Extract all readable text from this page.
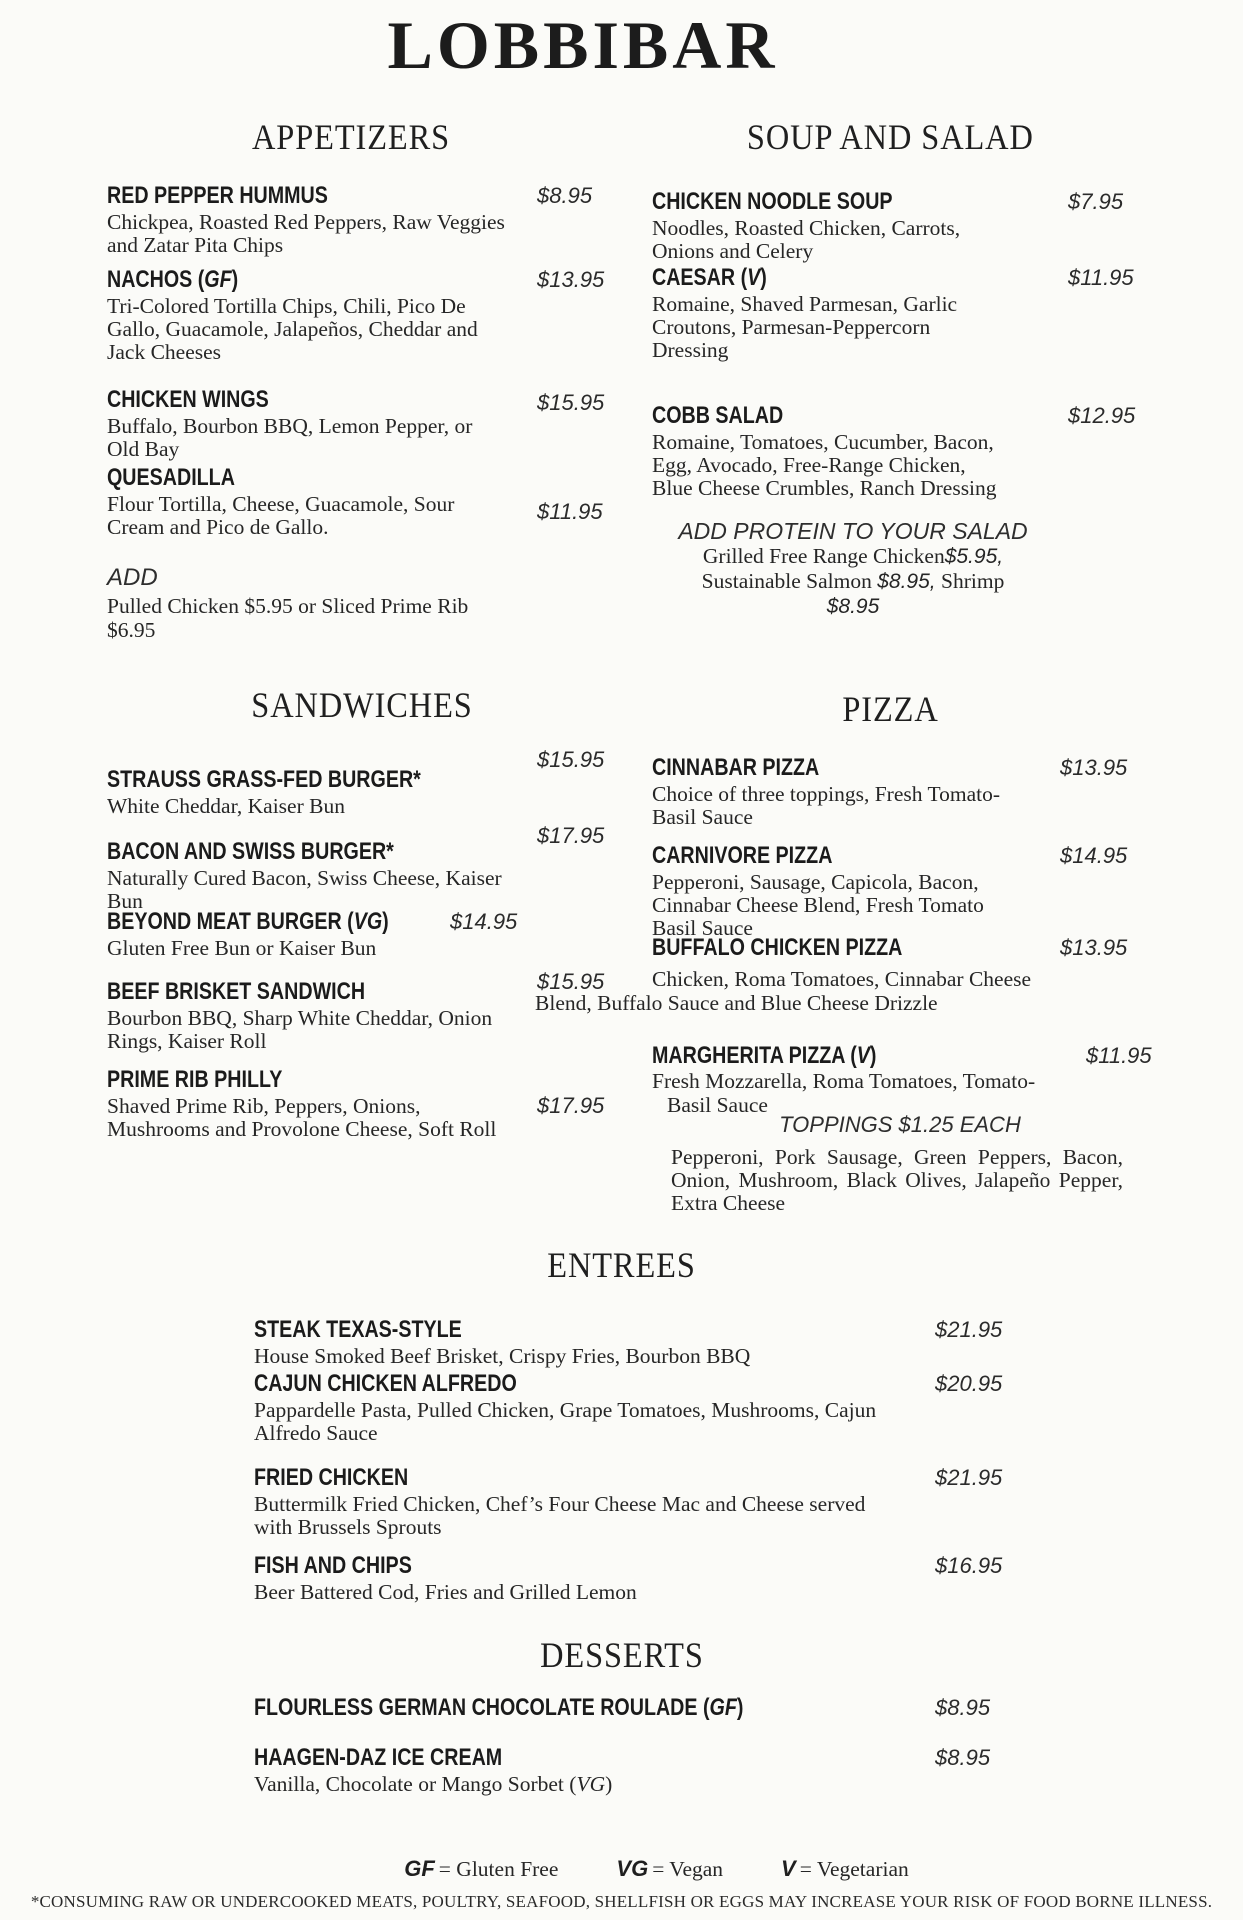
LOBBIBAR
APPETIZERS
RED PEPPER HUMMUS
Chickpea, Roasted Red Peppers, Raw Veggies and Zatar Pita Chips
$8.95
NACHOS (GF)
Tri-Colored Tortilla Chips, Chili, Pico De Gallo, Guacamole, Jalapeños, Cheddar and Jack Cheeses
$13.95
CHICKEN WINGS
Buffalo, Bourbon BBQ, Lemon Pepper, or Old Bay
$15.95
QUESADILLA
Flour Tortilla, Cheese, Guacamole, Sour Cream and Pico de Gallo.
$11.95
ADD
Pulled Chicken $5.95 or Sliced Prime Rib $6.95
SOUP AND SALAD
CHICKEN NOODLE SOUP
Noodles, Roasted Chicken, Carrots, Onions and Celery
$7.95
CAESAR (V)
Romaine, Shaved Parmesan, Garlic Croutons, Parmesan-Peppercorn Dressing
$11.95
COBB SALAD
Romaine, Tomatoes, Cucumber, Bacon, Egg, Avocado, Free-Range Chicken, Blue Cheese Crumbles, Ranch Dressing
$12.95
ADD PROTEIN TO YOUR SALAD
Grilled Free Range Chicken$5.95,
Sustainable Salmon $8.95, Shrimp
$8.95
SANDWICHES
STRAUSS GRASS-FED BURGER*
White Cheddar, Kaiser Bun
$15.95
BACON AND SWISS BURGER*
Naturally Cured Bacon, Swiss Cheese, Kaiser Bun
$17.95
BEYOND MEAT BURGER (VG)
Gluten Free Bun or Kaiser Bun
$14.95
BEEF BRISKET SANDWICH
Bourbon BBQ, Sharp White Cheddar, Onion Rings, Kaiser Roll
$15.95
PRIME RIB PHILLY
Shaved Prime Rib, Peppers, Onions, Mushrooms and Provolone Cheese, Soft Roll
$17.95
PIZZA
CINNABAR PIZZA
Choice of three toppings, Fresh Tomato-Basil Sauce
$13.95
CARNIVORE PIZZA
Pepperoni, Sausage, Capicola, Bacon, Cinnabar Cheese Blend, Fresh Tomato Basil Sauce
$14.95
BUFFALO CHICKEN PIZZA
Chicken, Roma Tomatoes, Cinnabar Cheese
Blend, Buffalo Sauce and Blue Cheese Drizzle
$13.95
MARGHERITA PIZZA (V)
Fresh Mozzarella, Roma Tomatoes, Tomato-
Basil Sauce
$11.95
TOPPINGS $1.25 EACH
Pepperoni, Pork Sausage, Green Peppers, Bacon, Onion, Mushroom, Black Olives, Jalapeño Pepper, Extra Cheese
ENTREES
STEAK TEXAS-STYLE
House Smoked Beef Brisket, Crispy Fries, Bourbon BBQ
$21.95
CAJUN CHICKEN ALFREDO
Pappardelle Pasta, Pulled Chicken, Grape Tomatoes, Mushrooms, Cajun Alfredo Sauce
$20.95
FRIED CHICKEN
Buttermilk Fried Chicken, Chef’s Four Cheese Mac and Cheese served with Brussels Sprouts
$21.95
FISH AND CHIPS
Beer Battered Cod, Fries and Grilled Lemon
$16.95
DESSERTS
FLOURLESS GERMAN CHOCOLATE ROULADE (GF)	$8.95
HAAGEN-DAZ ICE CREAM
Vanilla, Chocolate or Mango Sorbet (VG)
$8.95
GF = Gluten Free	VG = Vegan	V = Vegetarian
*CONSUMING RAW OR UNDERCOOKED MEATS, POULTRY, SEAFOOD, SHELLFISH OR EGGS MAY INCREASE YOUR RISK OF FOOD BORNE ILLNESS.
